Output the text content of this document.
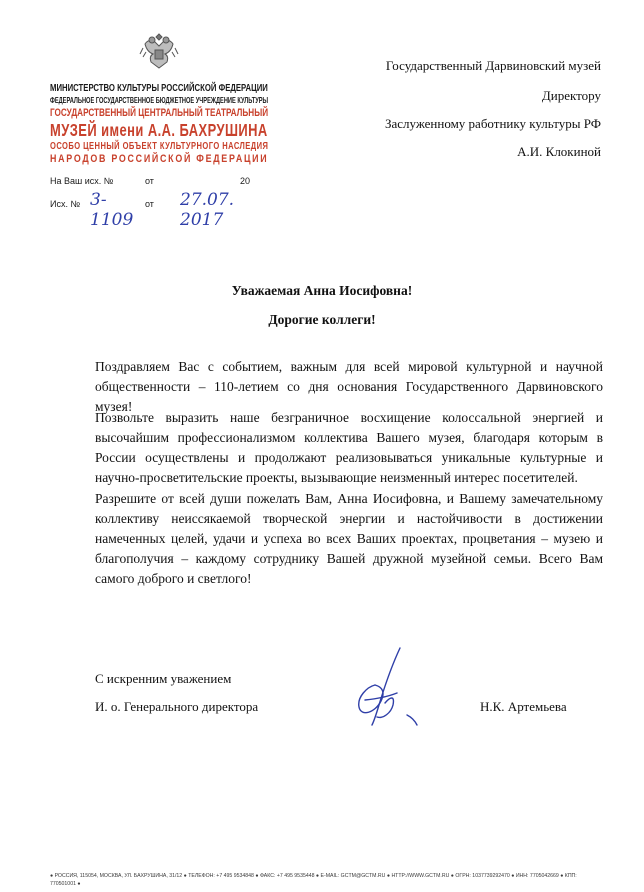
МИНИСТЕРСТВО КУЛЬТУРЫ РОССИЙСКОЙ ФЕДЕРАЦИИ
ФЕДЕРАЛЬНОЕ ГОСУДАРСТВЕННОЕ БЮДЖЕТНОЕ УЧРЕЖДЕНИЕ КУЛЬТУРЫ
ГОСУДАРСТВЕННЫЙ ЦЕНТРАЛЬНЫЙ ТЕАТРАЛЬНЫЙ
МУЗЕЙ имени А.А. БАХРУШИНА
ОСОБО ЦЕННЫЙ ОБЪЕКТ КУЛЬТУРНОГО НАСЛЕДИЯ
НАРОДОВ РОССИЙСКОЙ ФЕДЕРАЦИИ
На Ваш исх. №	от	20
Исх. № 3-1109
от 27.07. 2017
Государственный Дарвиновский музей
Директору
Заслуженному работнику культуры РФ
А.И. Клокиной
Уважаемая Анна Иосифовна!
Дорогие коллеги!
Поздравляем Вас с событием, важным для всей мировой культурной и научной общественности – 110-летием со дня основания Государственного Дарвиновского музея!
Позвольте выразить наше безграничное восхищение колоссальной энергией и высочайшим профессионализмом коллектива Вашего музея, благодаря которым в России осуществлены и продолжают реализовываться уникальные культурные и научно-просветительские проекты, вызывающие неизменный интерес посетителей.
Разрешите от всей души пожелать Вам, Анна Иосифовна, и Вашему замечательному коллективу неиссякаемой творческой энергии и настойчивости в достижении намеченных целей, удачи и успеха во всех Ваших проектах, процветания – музею и благополучия – каждому сотруднику Вашей дружной музейной семьи. Всего Вам самого доброго и светлого!
С искренним уважением
И. о. Генерального директора	Н.К. Артемьева
● РОССИЯ, 115054, МОСКВА, УЛ. БАХРУШИНА, 31/12 ● ТЕЛЕФОН: +7 495 9534848 ● ФАКС: +7 495 9535448 ● E-MAIL: GCTM@GCTM.RU ● HTTP://WWW.GCTM.RU ● ОГРН: 1037739292470 ● ИНН: 7705042669 ● КПП: 770501001 ●
